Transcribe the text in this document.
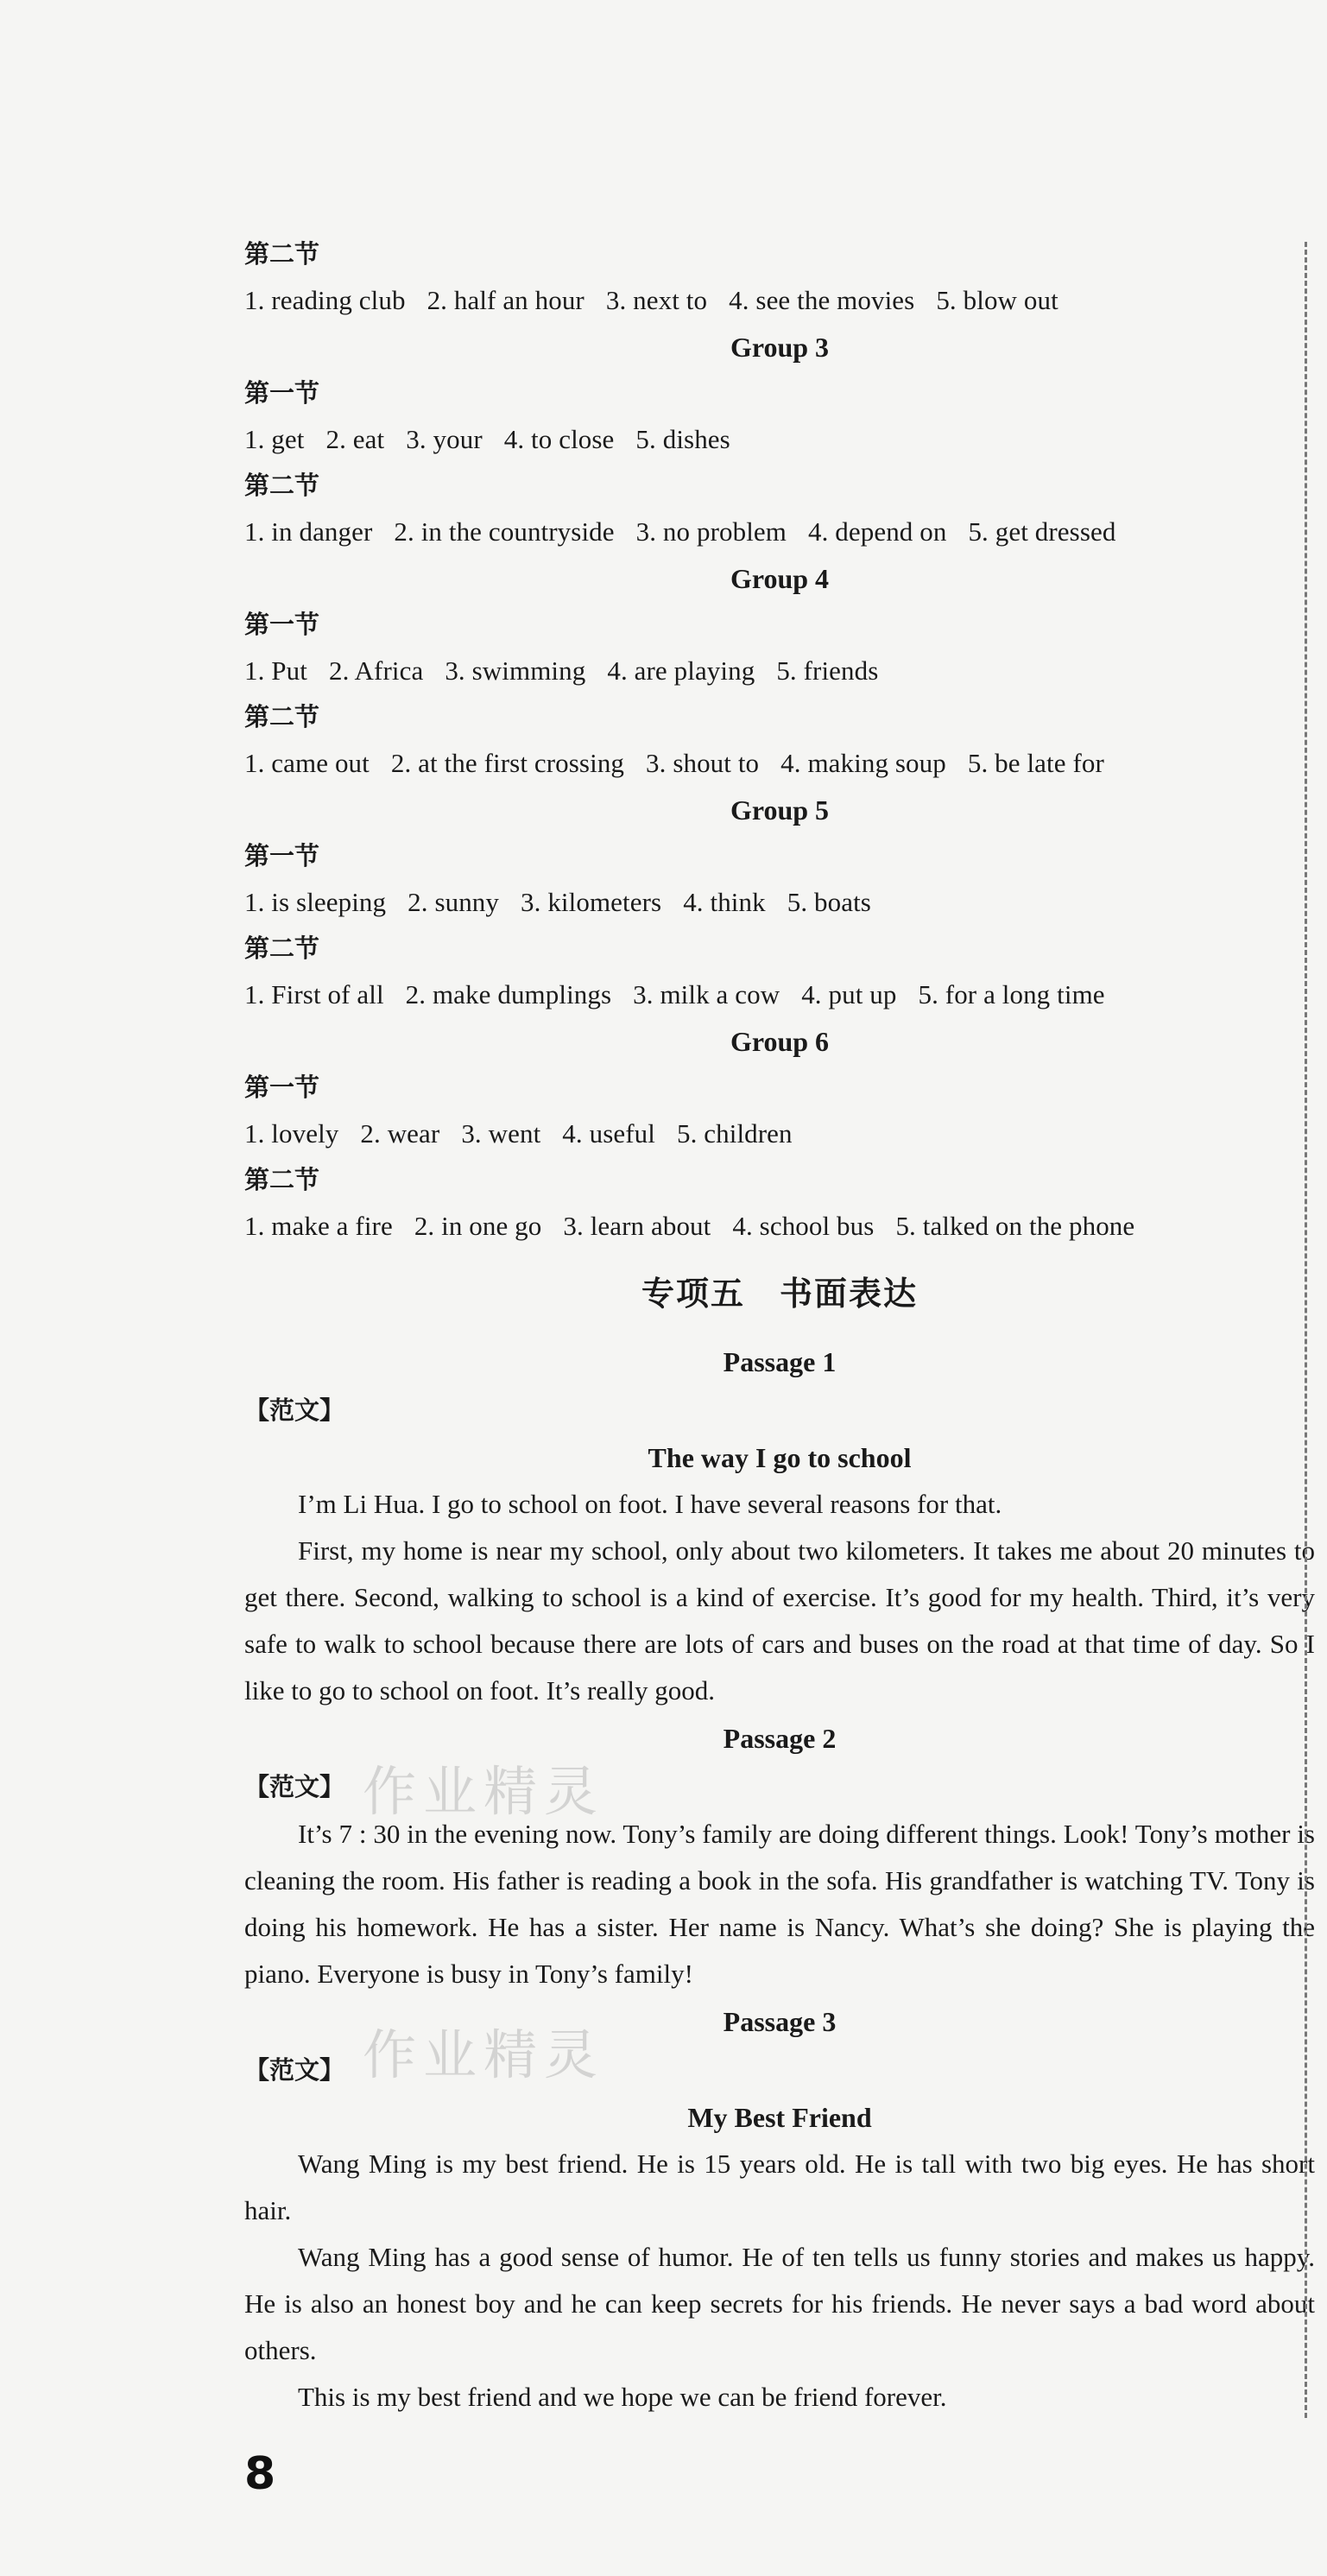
第二节
1. reading club 2. half an hour 3. next to 4. see the movies 5. blow out
Group 3
第一节
1. get 2. eat 3. your 4. to close 5. dishes
第二节
1. in danger 2. in the countryside 3. no problem 4. depend on 5. get dressed
Group 4
第一节
1. Put 2. Africa 3. swimming 4. are playing 5. friends
第二节
1. came out 2. at the first crossing 3. shout to 4. making soup 5. be late for
Group 5
第一节
1. is sleeping 2. sunny 3. kilometers 4. think 5. boats
第二节
1. First of all 2. make dumplings 3. milk a cow 4. put up 5. for a long time
Group 6
第一节
1. lovely 2. wear 3. went 4. useful 5. children
第二节
1. make a fire 2. in one go 3. learn about 4. school bus 5. talked on the phone
专项五　书面表达
Passage 1
【范文】
The way I go to school
I’m Li Hua. I go to school on foot. I have several reasons for that.
First, my home is near my school, only about two kilometers. It takes me about 20 minutes to get there. Second, walking to school is a kind of exercise. It’s good for my health. Third, it’s very safe to walk to school because there are lots of cars and buses on the road at that time of day. So I like to go to school on foot. It’s really good.
Passage 2
【范文】
It’s 7 : 30 in the evening now. Tony’s family are doing different things. Look! Tony’s mother is cleaning the room. His father is reading a book in the sofa. His grandfather is watching TV. Tony is doing his homework. He has a sister. Her name is Nancy. What’s she doing? She is playing the piano. Everyone is busy in Tony’s family!
Passage 3
【范文】
My Best Friend
Wang Ming is my best friend. He is 15 years old. He is tall with two big eyes. He has short hair.
Wang Ming has a good sense of humor. He of ten tells us funny stories and makes us happy. He is also an honest boy and he can keep secrets for his friends. He never says a bad word about others.
This is my best friend and we hope we can be friend forever.
作业精灵
作业精灵
8
